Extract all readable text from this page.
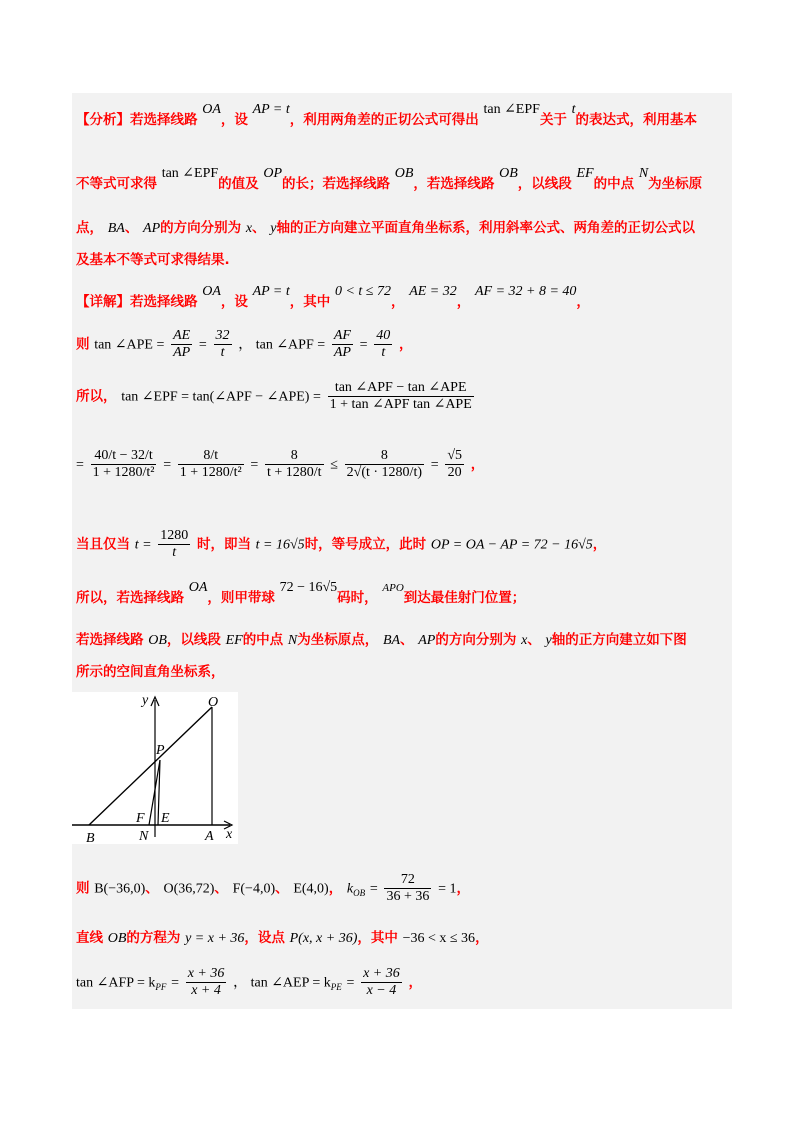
【分析】若选择线路 OA，设 AP = t，利用两角差的正切公式可得出 tan ∠EPF关于 t的表达式，利用基本
不等式可求得 tan ∠EPF的值及 OP的长；若选择线路 OB，若选择线路 OB，以线段 EF的中点 N为坐标原
点， BA、 AP的方向分别为 x、 y轴的正方向建立平面直角坐标系，利用斜率公式、两角差的正切公式以
及基本不等式可求得结果.
【详解】若选择线路 OA，设 AP = t，其中 0 < t ≤ 72， AE = 32， AF = 32 + 8 = 40，
则 tan ∠APE = $\frac{AE}{AP} = \frac{32}{t}$ ， tan ∠APF = $\frac{AF}{AP} = \frac{40}{t}$ ，
所以， tan ∠EPF = tan(∠APF − ∠APE) = $\frac{\text{tan ∠APF − tan ∠APE}}{\text{1 + tan ∠APF tan ∠APE}}$
= $\frac{40/t - 32/t}{\text{1 + 1280/t²}} = \frac{8/t}{\text{1 + 1280/t²}} = \frac{8}{t + 1280/t} \le \frac{8}{2√(t \cdot 1280/t)} = \frac{√5}{20}$ ，
当且仅当 $t = \frac{1280}{t}$ 时，即当 t = 16√5时，等号成立，此时 OP = OA − AP = 72 − 16√5，
所以，若选择线路 OA，则甲带球 72 − 16√5码时， $^{APO}$到达最佳射门位置；
若选择线路 OB，以线段 EF的中点 N为坐标原点， BA、 AP的方向分别为 x、 y轴的正方向建立如下图
所示的空间直角坐标系，
y
x
O
P
B	N
F E
A
则 B(−36,0)、 O(36,72)、 F(−4,0)、 E(4,0)， $k_{OB} = \frac{72}{36 + 36} = 1$，
直线 OB的方程为 y = x + 36，设点 P(x, x + 36)，其中 −36 < x ≤ 36，
tan ∠AFP = $k_{PF} = \frac{x + 36}{x + 4}$ ， tan ∠AEP = $k_{PE} = \frac{x + 36}{x - 4}$ ，
